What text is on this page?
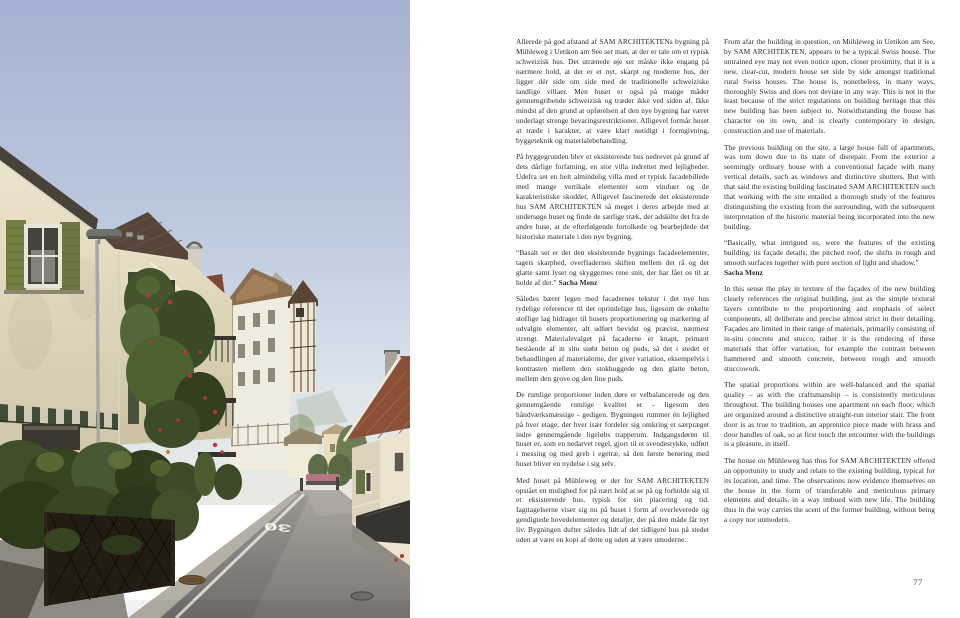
30

Allerede på god afstand af SAM ARCHITEKTENs bygning på Mühleweg i Uetikon am See ser man, at der er tale om et typisk schweizisk hus. Det utrænede øje ser måske ikke engang på nærmere hold, at der er et nyt, skarpt og moderne hus, der ligger dér side om side med de traditionelle schweiziske landlige villaer. Men huset er også på mange måder gennemgribende schweizisk og træder ikke ved siden af. Ikke mindst af den grund at opførelsen af den nye bygning har været underlagt strenge bevaringsrestriktioner. Alligevel formår huset at træde i karakter, at være klart nutidigt i formgivning, byggeteknik og materialebehandling.

På byggegrunden blev et eksisterende hus nedrevet på grund af dets dårlige forfatning, en stor villa indrettet med lejligheder. Udefra set en helt almindelig villa med et typisk facadebillede med mange vertikale elementer som vinduer og de karakteristiske skodder. Alligevel fascinerede det eksisterende hus SAM ARCHITEKTEN så meget i deres arbejde med at undersøge huset og finde de særlige træk, der adskilte det fra de andre huse, at de efterfølgende fortolkede og bearbejdede det historiske materiale i den nye bygning.

“Basalt set er det den eksisterende bygnings facadeelementer, tagets skarphed, overfladernes skiften mellem det rå og det glatte samt lyset og skyggernes rene snit, der har fået os til at holde af det.” Sacha Menz

Således bærer legen med facadernes tekstur i det nye hus tydelige referencer til det oprindelige hus, ligesom de enkelte stoflige lag bidrager til husets proportionering og markering af udvalgte elementer, alt udført bevidst og præcist, nærmest strengt. Materialevalget på facaderne er knapt, primært bestående af in situ støbt beton og puds, så det i stedet er behandlingen af materialerne, der giver variation, eksempelvis i kontrasten mellem den stokhuggede og den glatte beton, mellem den grove og den fine puds.

De rumlige proportioner inden døre er velbalancerede og den gennemgående rumlige kvalitet er - ligesom den håndværksmæssige - gedigen. Bygningen rummer én lejlighed på hver etage, der hver især fordeler sig omkring et særpræget indre gennemgående ligeløbs trapperum. Indgangsdøren til huset er, som en nedarvet regel, gjort til et svendestykke, udført i messing og med greb i egetræ, så den første berøring med huset bliver en nydelse i sig selv.

Med huset på Mühleweg er der for SAM ARCHITEKTEN opstået en mulighed for på nært hold at se på og forholde sig til et eksisterende hus, typisk for sin placering og tid. Iagttagelserne viser sig nu på huset i form af overleverede og gendigtede hovedelementer og detaljer, der på den måde får nyt liv. Bygningen dufter således lidt af det tidligere hus på stedet uden at være en kopi af dette og uden at være umoderne.

From afar the building in question, on Mühleweg in Uetikon am See, by SAM ARCHITEKTEN, appears to be a typical Swiss house. The untrained eye may not even notice upon, closer proximity, that it is a new, clear-cut, modern house set side by side amongst traditional rural Swiss houses. The house is, nonetheless, in many ways, thoroughly Swiss and does not deviate in any way. This is not in the least because of the strict regulations on building heritage that this new building has been subject to. Notwithstanding the house has character on its own, and is clearly contemporary in design, construction and use of materials.

The previous building on the site, a large house full of apartments, was torn down due to its state of disrepair. From the exterior a seemingly ordinary house with a conventional façade with many vertical details, such as windows and distinctive shutters. But with that said the existing building fascinated SAM ARCHITEKTEN such that working with the site entailed a thorough study of the features distinguishing the existing from the surrounding, with the subsequent interpretation of the historic material being incorporated into the new building.

“Basically, what intrigued us, were the features of the existing building, its façade details, the pitched roof, the shifts in rough and smooth surfaces together with pure section of light and shadow.”
Sacha Menz

In this sense the play in texture of the façades of the new building clearly references the original building, just as the simple textural layers contribute to the proportioning and emphasis of select components, all deliberate and precise almost strict in their detailing. Façades are limited in their range of materials, primarily consisting of in-situ concrete and stucco, rather it is the rendering of these materials that offer variation, for example the contrast between hammered and smooth concrete, between rough and smooth stuccowork.

The spatial proportions within are well-balanced and the spatial quality – as with the craftsmanship – is consistently meticulous throughout. The building houses one apartment on each floor, which are organized around a distinctive straight-run interior stair. The front door is as true to tradition, an apprentice piece made with brass and door handles of oak, so at first touch the encounter with the buildings is a pleasure, in itself.

The house on Mühleweg has thus for SAM ARCHITEKTEN offered an opportunity to study and relate to the existing building, typical for its location, and time. The observations now evidence themselves on the house in the form of transferable and meticulous primary elements and details, in a way imbued with new life. The building thus in the way carries the scent of the former building, without being a copy nor unmodern.

77
